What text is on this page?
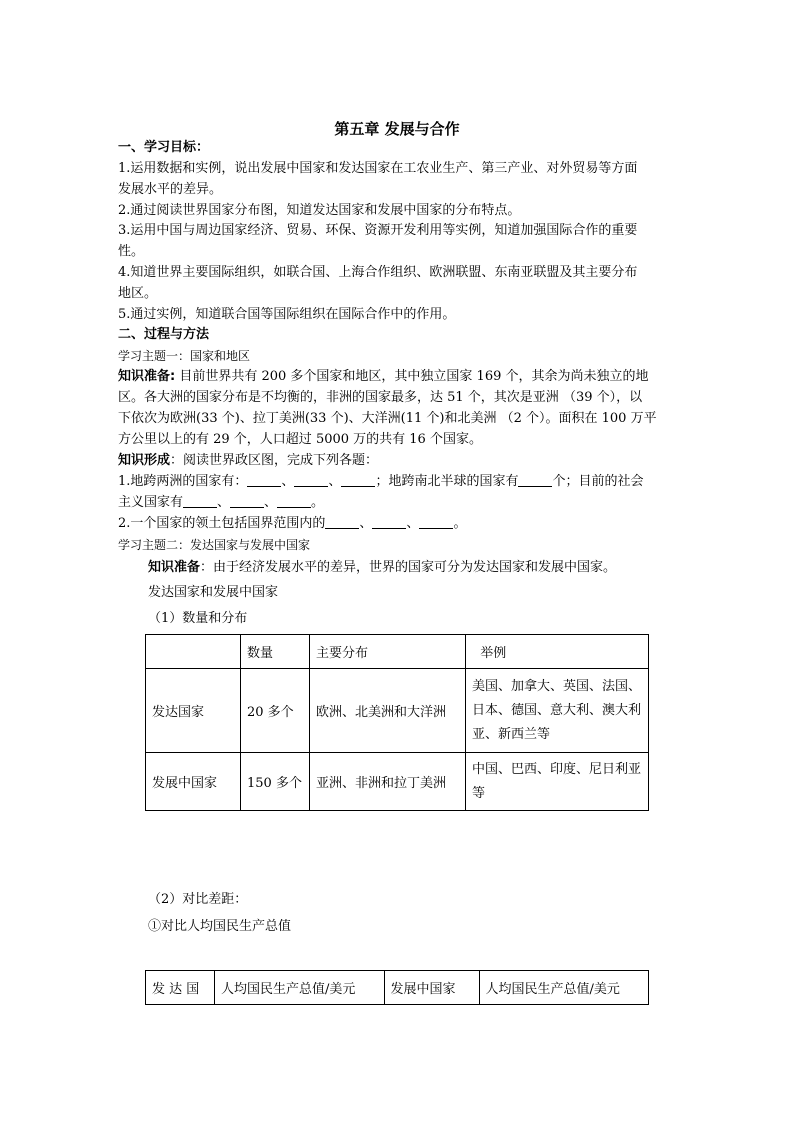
第五章 发展与合作
一、学习目标：
1.运用数据和实例，说出发展中国家和发达国家在工农业生产、第三产业、对外贸易等方面
发展水平的差异。
2.通过阅读世界国家分布图，知道发达国家和发展中国家的分布特点。
3.运用中国与周边国家经济、贸易、环保、资源开发利用等实例，知道加强国际合作的重要
性。
4.知道世界主要国际组织，如联合国、上海合作组织、欧洲联盟、东南亚联盟及其主要分布
地区。
5.通过实例，知道联合国等国际组织在国际合作中的作用。
二、过程与方法
学习主题一：国家和地区
知识准备: 目前世界共有 200 多个国家和地区，其中独立国家 169 个，其余为尚未独立的地
区。各大洲的国家分布是不均衡的，非洲的国家最多，达 51 个，其次是亚洲 （39 个），以
下依次为欧洲(33 个)、拉丁美洲(33 个)、大洋洲(11 个)和北美洲 （2 个）。面积在 100 万平
方公里以上的有 29 个，人口超过 5000 万的共有 16 个国家。
知识形成：阅读世界政区图，完成下列各题：
1.地跨两洲的国家有：	、	、	；地跨南北半球的国家有	个；目前的社会
主义国家有	、	、	。
2.一个国家的领土包括国界范围内的	、	、	。
学习主题二：发达国家与发展中国家
知识准备：由于经济发展水平的差异，世界的国家可分为发达国家和发展中国家。
发达国家和发展中国家
（1）数量和分布
	数量	主要分布	举例
发达国家	20 多个	欧洲、北美洲和大洋洲	美国、加拿大、英国、法国、日本、德国、意大利、澳大利亚、新西兰等
发展中国家	150 多个	亚洲、非洲和拉丁美洲	中国、巴西、印度、尼日利亚等
（2）对比差距：
①对比人均国民生产总值
发 达 国	人均国民生产总值/美元	发展中国家	人均国民生产总值/美元
